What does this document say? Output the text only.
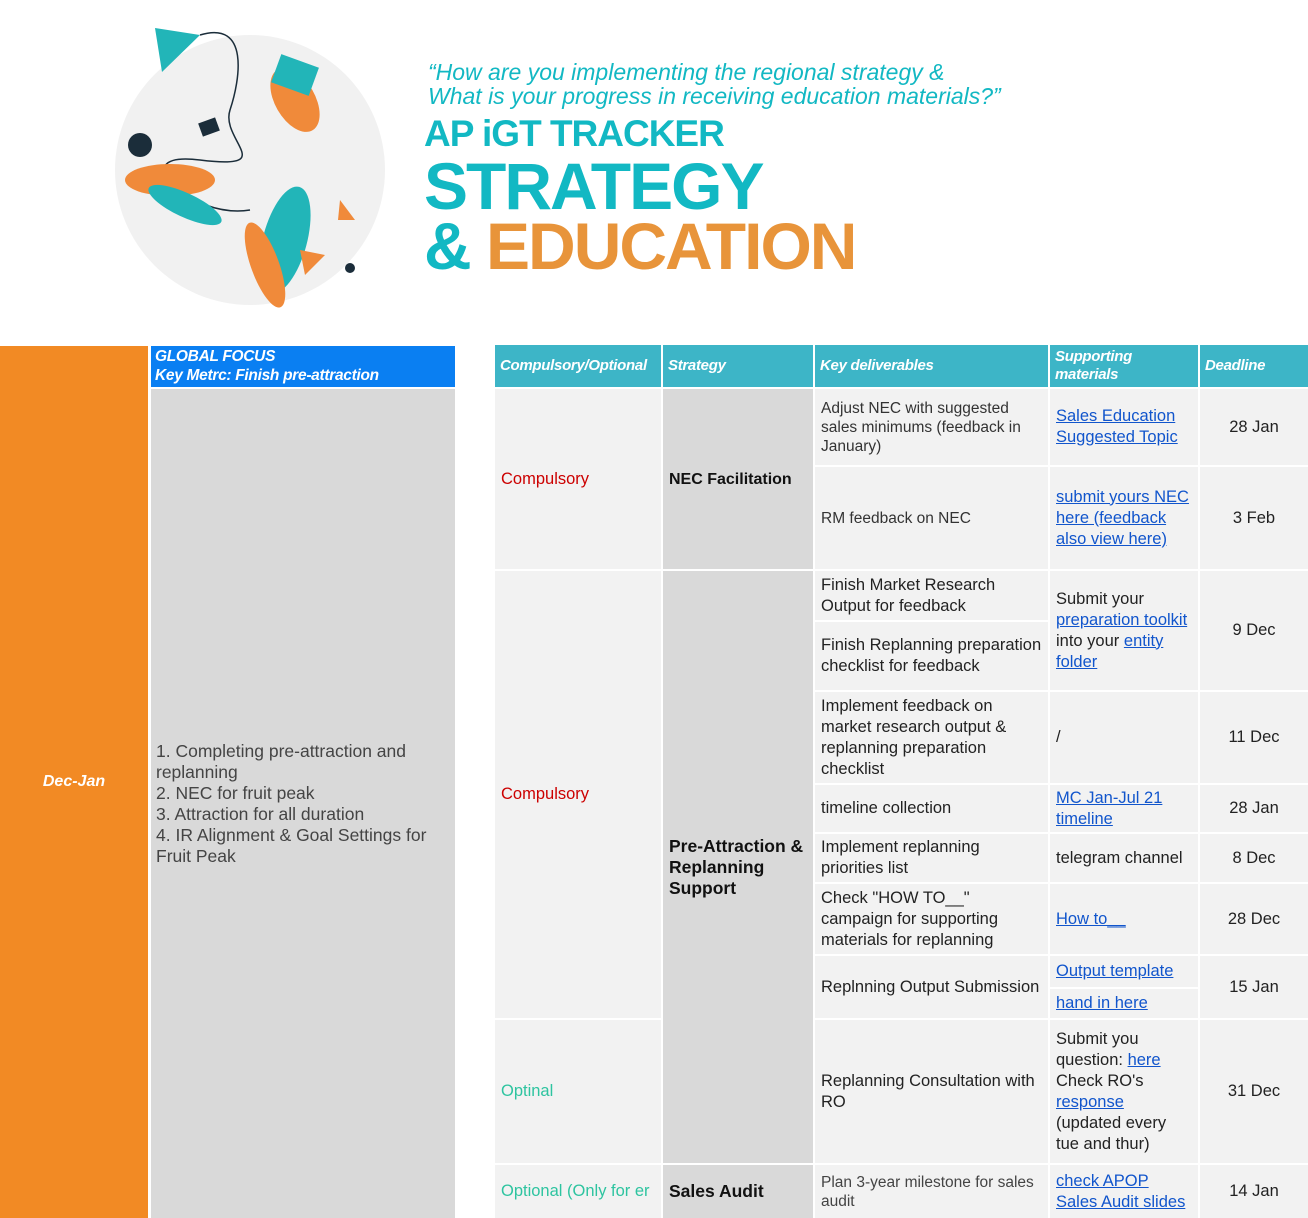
“How are you implementing the regional strategy &
What is your progress in receiving education materials?”
AP iGT TRACKER
STRATEGY
& EDUCATION
Dec-Jan
GLOBAL FOCUS
Key Metrc: Finish pre-attraction
1. Completing pre-attraction and replanning
2. NEC for fruit peak
3. Attraction for all duration
4. IR Alignment & Goal Settings for Fruit Peak
Compulsory/Optional	Strategy	Key deliverables
Supporting materials
Deadline
Compulsory
Compulsory
Optinal
Optional (Only for er
NEC Facilitation
Pre-Attraction & Replanning Support
Sales Audit
Adjust NEC with suggested sales minimums (feedback in January)
RM feedback on NEC
Finish Market Research Output for feedback
Finish Replanning preparation checklist for feedback
Implement feedback on market research output & replanning preparation checklist
timeline collection
Implement replanning priorities list
Check "HOW TO__" campaign for supporting materials for replanning
Replnning Output Submission
Replanning Consultation with RO
Plan 3-year milestone for sales audit
Sales Education Suggested Topic
submit yours NEC here (feedback also view here)
Submit your preparation toolkit into your entity folder
/
MC Jan-Jul 21 timeline
telegram channel
How to__
Output template
hand in here
Submit you question: here
Check RO's response (updated every tue and thur)
check APOP Sales Audit slides
28 Jan
3 Feb
9 Dec
11 Dec
28 Jan
8 Dec
28 Dec
15 Jan
31 Dec
14 Jan
